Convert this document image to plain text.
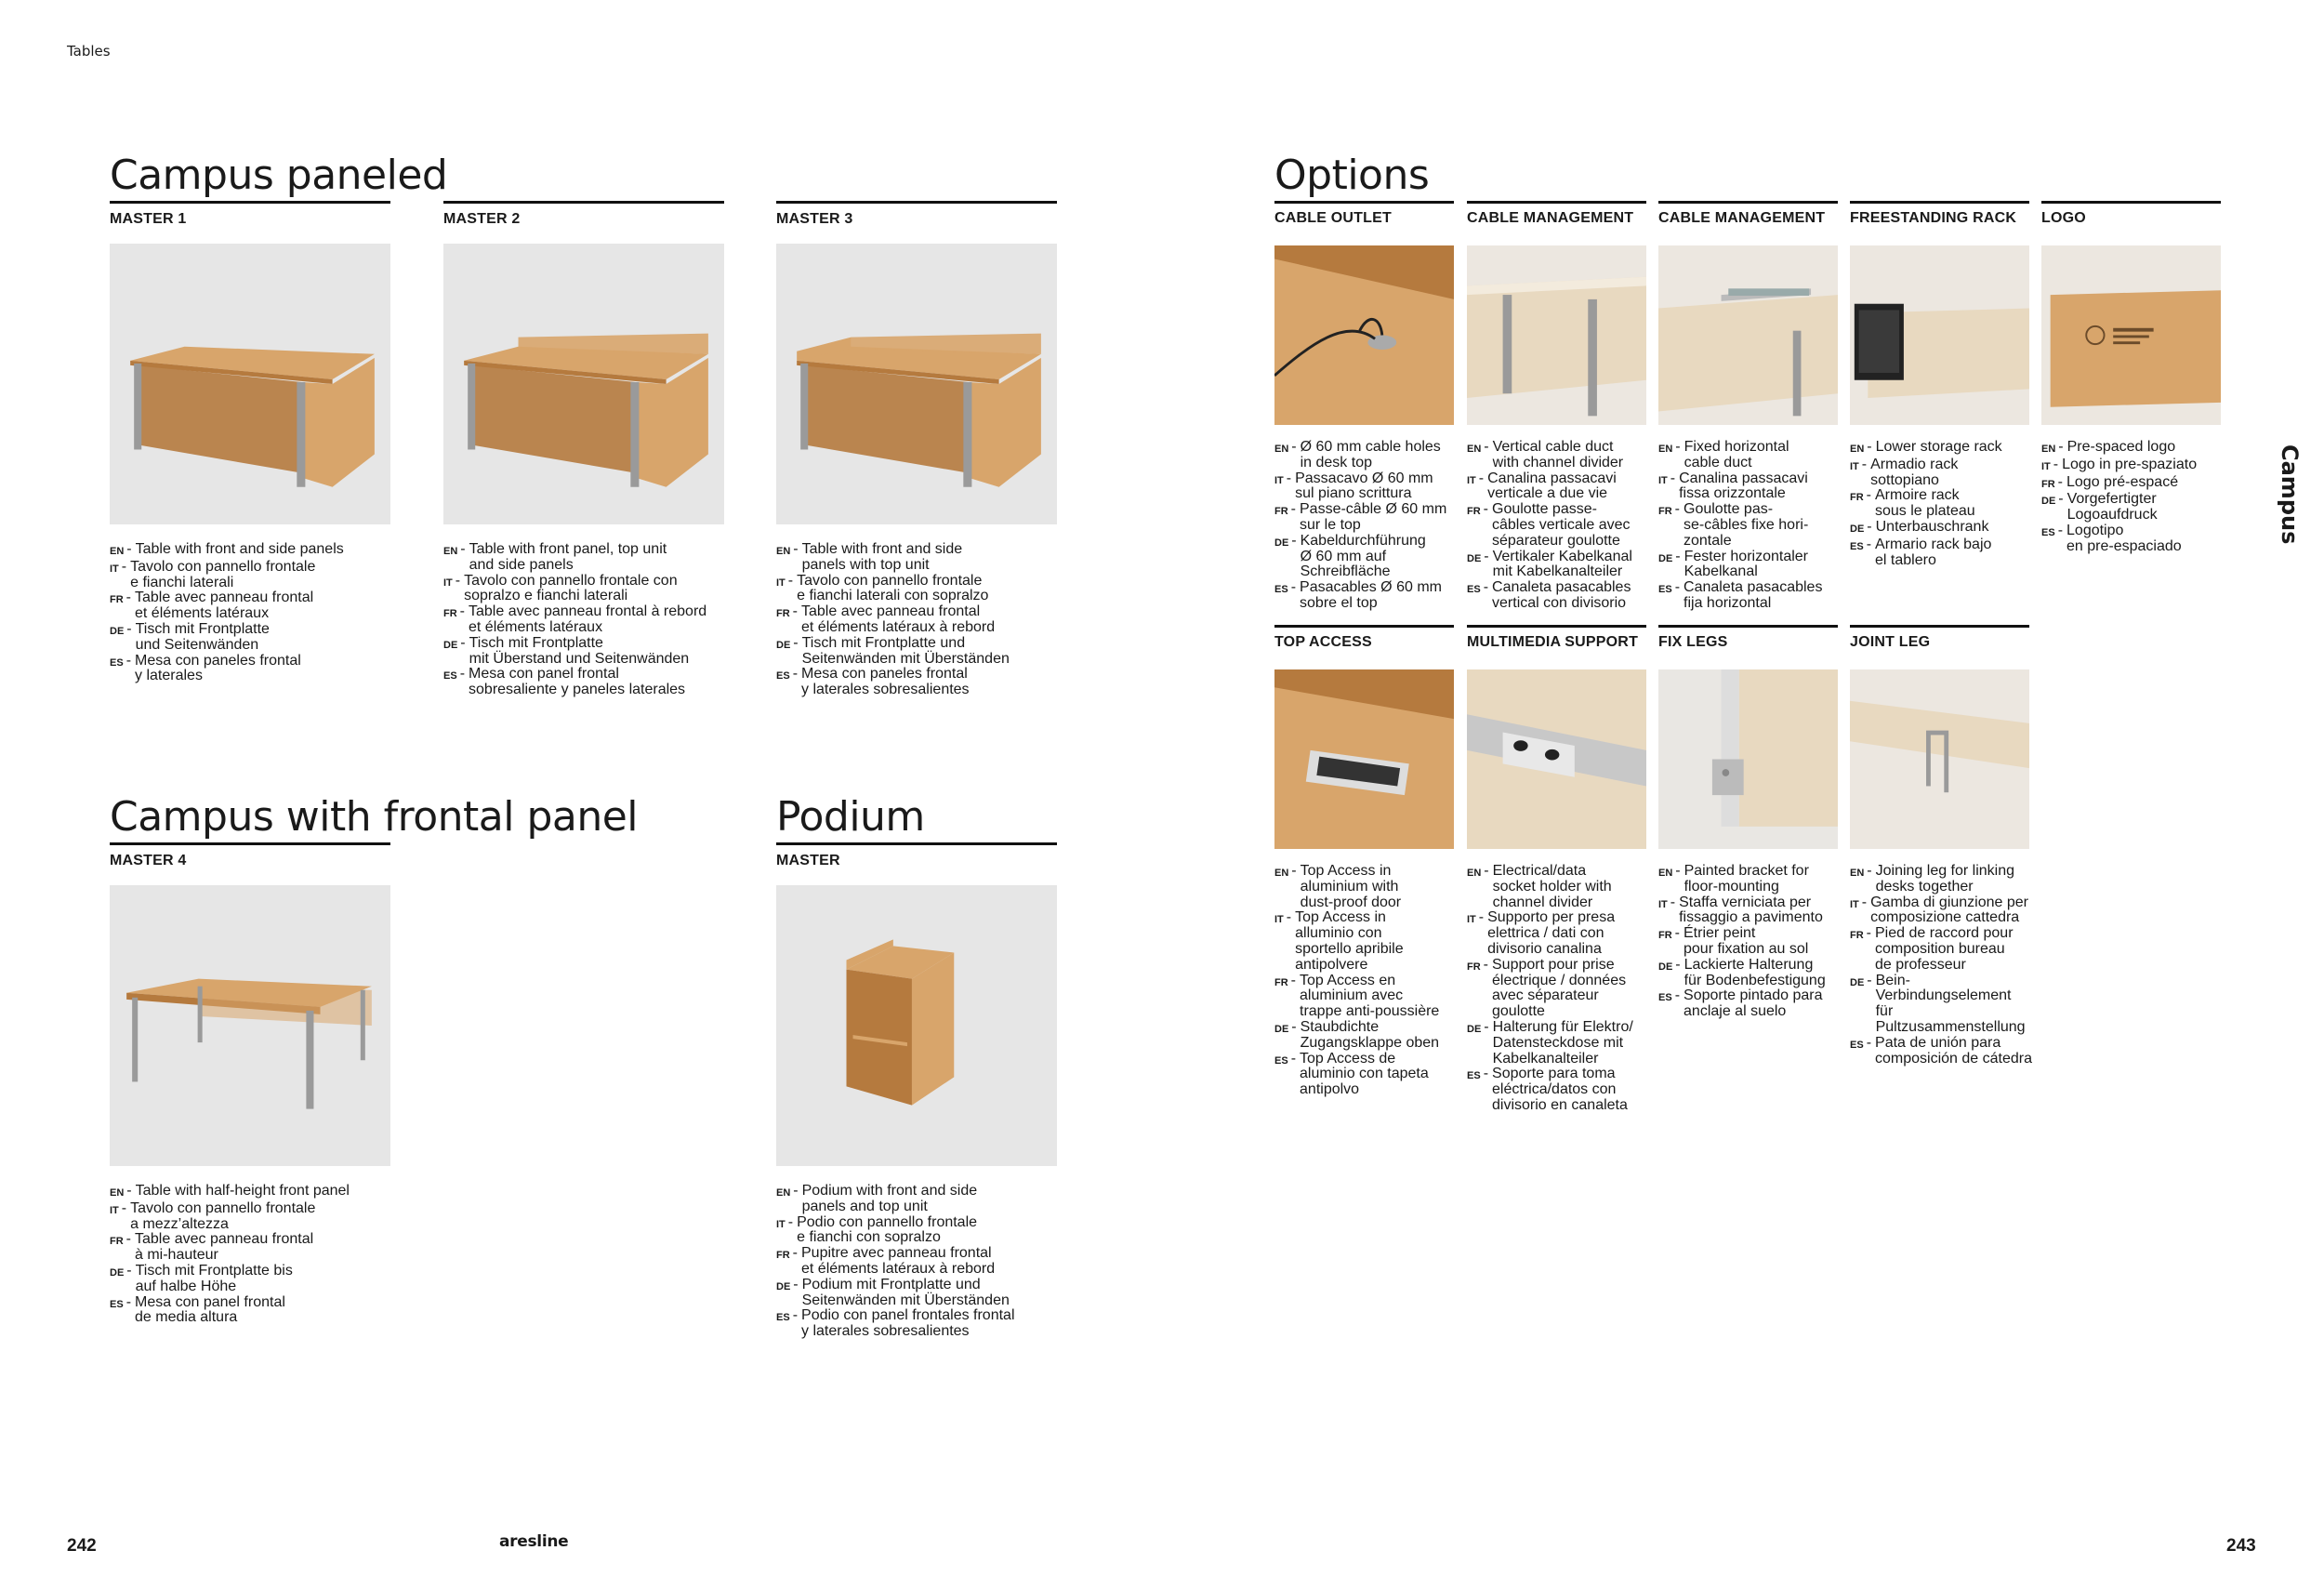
Tables
Campus
Campus paneled
Campus with frontal panel	Podium
Options
MASTER 1
EN - Table with front and side panels
IT - Tavolo con pannello frontale
e fianchi laterali
FR - Table avec panneau frontal
et éléments latéraux
DE - Tisch mit Frontplatte
und Seitenwänden
ES - Mesa con paneles frontal
y laterales
MASTER 2
EN - Table with front panel, top unit
and side panels
IT - Tavolo con pannello frontale con
sopralzo e fianchi laterali
FR - Table avec panneau frontal à rebord
et éléments latéraux
DE - Tisch mit Frontplatte
mit Überstand und Seitenwänden
ES - Mesa con panel frontal
sobresaliente y paneles laterales
MASTER 3
EN - Table with front and side
panels with top unit
IT - Tavolo con pannello frontale
e fianchi laterali con sopralzo
FR - Table avec panneau frontal
et éléments latéraux à rebord
DE - Tisch mit Frontplatte und
Seitenwänden mit Überständen
ES - Mesa con paneles frontal
y laterales sobresalientes
MASTER 4
EN - Table with half-height front panel
IT - Tavolo con pannello frontale
a mezz’altezza
FR - Table avec panneau frontal
à mi-hauteur
DE - Tisch mit Frontplatte bis
auf halbe Höhe
ES - Mesa con panel frontal
de media altura
MASTER
EN - Podium with front and side
panels and top unit
IT - Podio con pannello frontale
e fianchi con sopralzo
FR - Pupitre avec panneau frontal
et éléments latéraux à rebord
DE - Podium mit Frontplatte und
Seitenwänden mit Überständen
ES - Podio con panel frontales frontal
y laterales sobresalientes
CABLE OUTLET
EN - Ø 60 mm cable holes
in desk top
IT - Passacavo Ø 60 mm
sul piano scrittura
FR - Passe-câble Ø 60 mm
sur le top
DE - Kabeldurchführung
Ø 60 mm auf
Schreibfläche
ES - Pasacables Ø 60 mm
sobre el top
CABLE MANAGEMENT
EN - Vertical cable duct
with channel divider
IT - Canalina passacavi
verticale a due vie
FR - Goulotte passe-
câbles verticale avec
séparateur goulotte
DE - Vertikaler Kabelkanal
mit Kabelkanalteiler
ES - Canaleta pasacables
vertical con divisorio
CABLE MANAGEMENT
EN - Fixed horizontal
cable duct
IT - Canalina passacavi
fissa orizzontale
FR - Goulotte pas-
se-câbles fixe hori-
zontale
DE - Fester horizontaler
Kabelkanal
ES - Canaleta pasacables
fija horizontal
FREESTANDING RACK
EN - Lower storage rack
IT - Armadio rack
sottopiano
FR - Armoire rack
sous le plateau
DE - Unterbauschrank
ES - Armario rack bajo
el tablero
LOGO
EN - Pre-spaced logo
IT - Logo in pre-spaziato
FR - Logo pré-espacé
DE - Vorgefertigter
Logoaufdruck
ES - Logotipo
en pre-espaciado
TOP ACCESS
EN - Top Access in
aluminium with
dust-proof door
IT - Top Access in
alluminio con
sportello apribile
antipolvere
FR - Top Access en
aluminium avec
trappe anti-poussière
DE - Staubdichte
Zugangsklappe oben
ES - Top Access de
aluminio con tapeta
antipolvo
MULTIMEDIA SUPPORT
EN - Electrical/data
socket holder with
channel divider
IT - Supporto per presa
elettrica / dati con
divisorio canalina
FR - Support pour prise
électrique / données
avec séparateur
goulotte
DE - Halterung für Elektro/
Datensteckdose mit
Kabelkanalteiler
ES - Soporte para toma
eléctrica/datos con
divisorio en canaleta
FIX LEGS
EN - Painted bracket for
floor-mounting
IT - Staffa verniciata per
fissaggio a pavimento
FR - Étrier peint
pour fixation au sol
DE - Lackierte Halterung
für Bodenbefestigung
ES - Soporte pintado para
anclaje al suelo
JOINT LEG
EN - Joining leg for linking
desks together
IT - Gamba di giunzione per
composizione cattedra
FR - Pied de raccord pour
composition bureau
de professeur
DE - Bein-Verbindungselement
für Pultzusammenstellung
ES - Pata de unión para
composición de cátedra
242	aresline	243
